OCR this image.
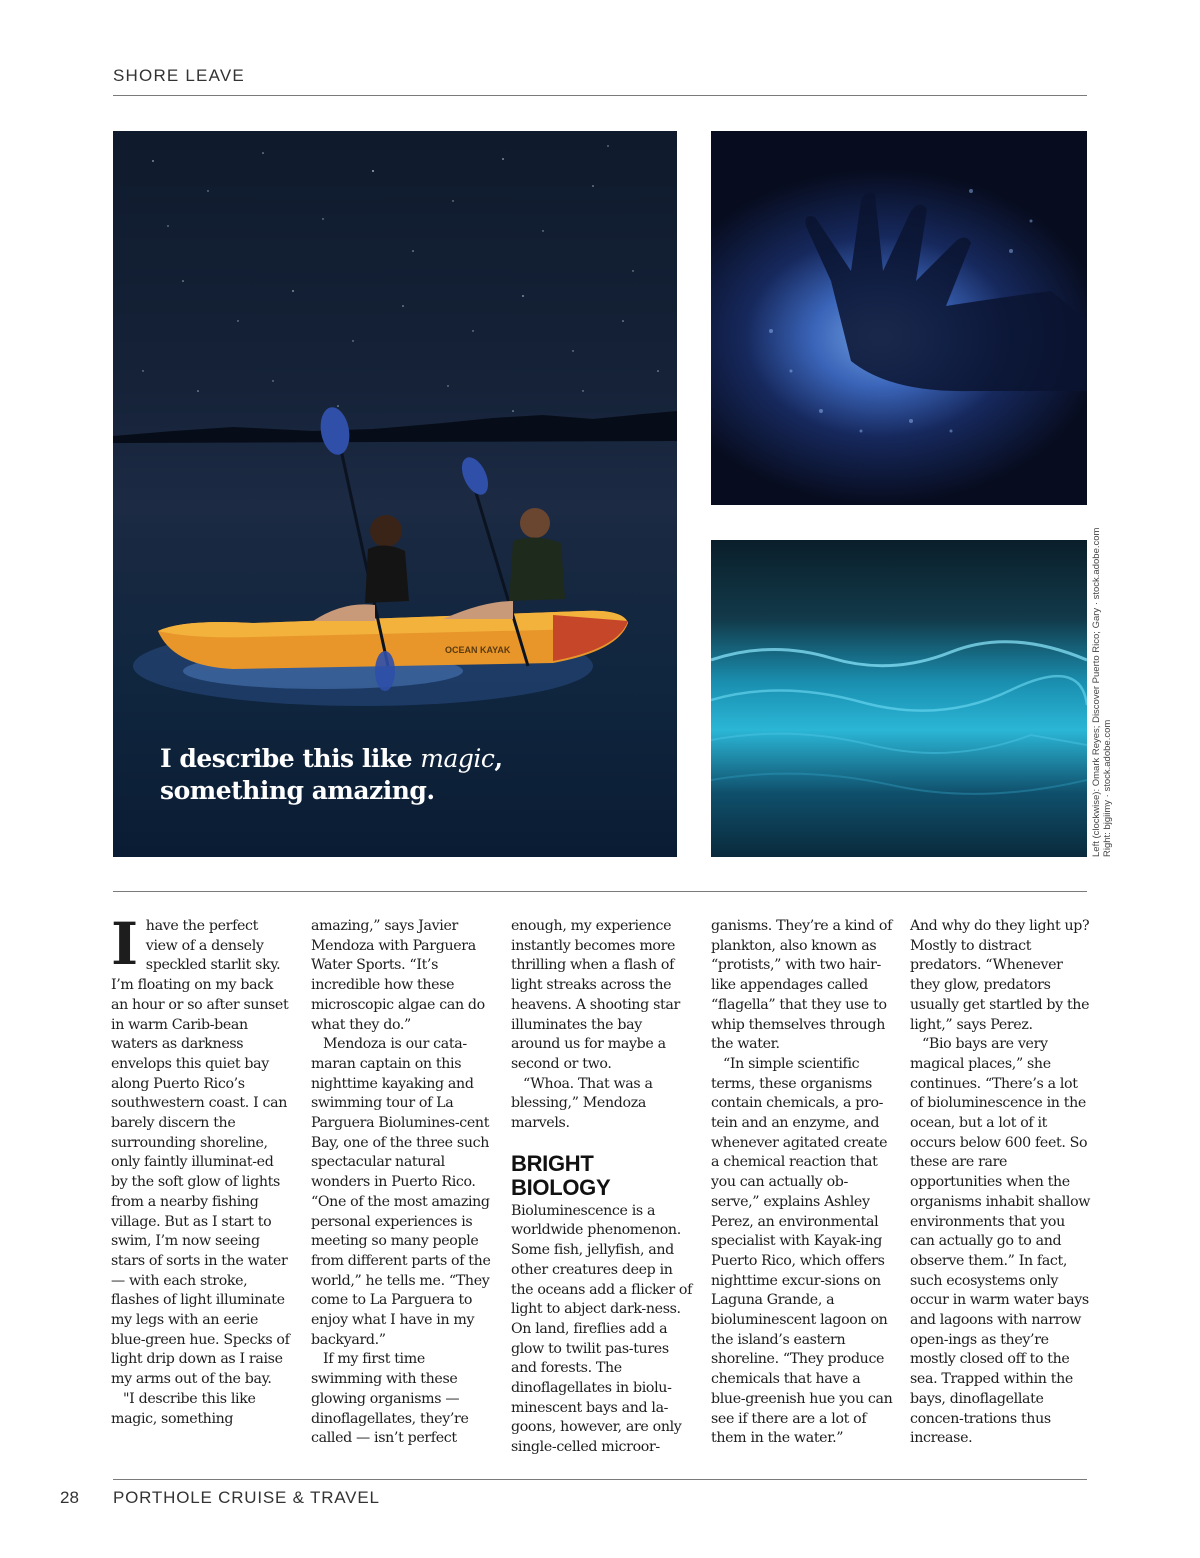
SHORE LEAVE
OCEAN KAYAK
I describe this like magic,
something amazing.	Left (clockwise): Omark Reyes; Discover Puerto Rico; Gary · stock.adobe.com Right: bjgiimy · stock.adobe.com

Ihave the perfect view of a densely speckled starlit sky. I’m floating on my back an hour or so after sunset in warm Carib-bean waters as darkness envelops this quiet bay along Puerto Rico’s southwestern coast. I can barely discern the surrounding shoreline, only faintly illuminat-ed by the soft glow of lights from a nearby fishing village. But as I start to swim, I’m now seeing stars of sorts in the water — with each stroke, flashes of light illuminate my legs with an eerie blue-green hue. Specks of light drip down as I raise my arms out of the bay.

"I describe this like magic, something

amazing,” says Javier Mendoza with Parguera Water Sports. “It’s incredible how these microscopic algae can do what they do.”

Mendoza is our cata-maran captain on this nighttime kayaking and swimming tour of La Parguera Biolumines-cent Bay, one of the three such spectacular natural wonders in Puerto Rico. “One of the most amazing personal experiences is meeting so many people from different parts of the world,” he tells me. “They come to La Parguera to enjoy what I have in my backyard.”

If my first time swimming with these glowing organisms — dinoflagellates, they’re called — isn’t perfect

enough, my experience instantly becomes more thrilling when a flash of light streaks across the heavens. A shooting star illuminates the bay around us for maybe a second or two.

“Whoa. That was a blessing,” Mendoza marvels.

BRIGHT
BIOLOGY

Bioluminescence is a worldwide phenomenon. Some fish, jellyfish, and other creatures deep in the oceans add a flicker of light to abject dark-ness. On land, fireflies add a glow to twilit pas-tures and forests. The dinoflagellates in biolu-minescent bays and la-goons, however, are only single-celled microor-

ganisms. They’re a kind of plankton, also known as “protists,” with two hair-like appendages called “flagella” that they use to whip themselves through the water.

“In simple scientific terms, these organisms contain chemicals, a pro-tein and an enzyme, and whenever agitated create a chemical reaction that you can actually ob-serve,” explains Ashley Perez, an environmental specialist with Kayak-ing Puerto Rico, which offers nighttime excur-sions on Laguna Grande, a bioluminescent lagoon on the island’s eastern shoreline. “They produce chemicals that have a blue-greenish hue you can see if there are a lot of them in the water.”

And why do they light up? Mostly to distract predators. “Whenever they glow, predators usually get startled by the light,” says Perez.

“Bio bays are very magical places,” she continues. “There’s a lot of bioluminescence in the ocean, but a lot of it occurs below 600 feet. So these are rare opportunities when the organisms inhabit shallow environments that you can actually go to and observe them.” In fact, such ecosystems only occur in warm water bays and lagoons with narrow open-ings as they’re mostly closed off to the sea. Trapped within the bays, dinoflagellate concen-trations thus increase.

28 PORTHOLE CRUISE & TRAVEL
